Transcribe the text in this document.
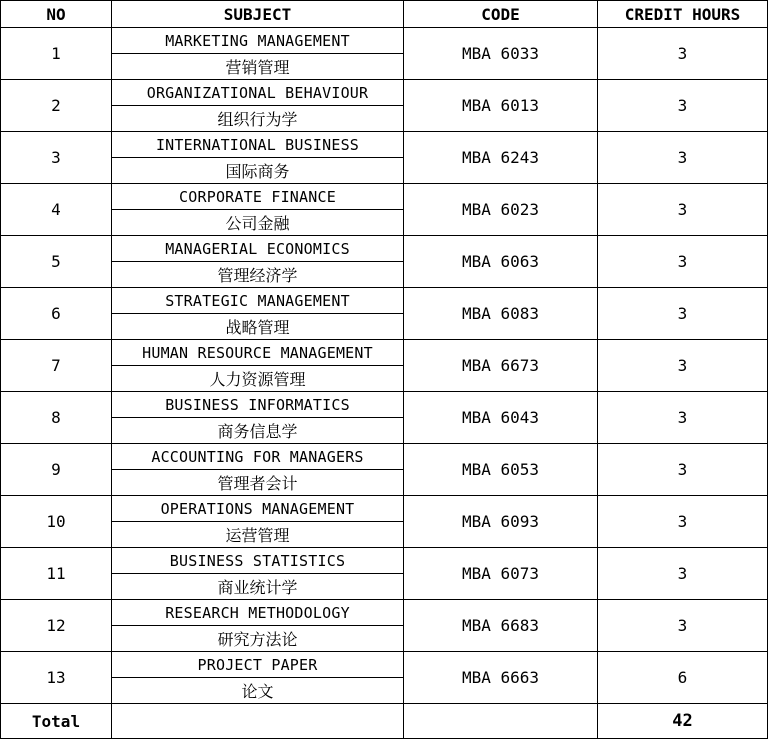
NO	SUBJECT	CODE	CREDIT HOURS
1	MARKETING MANAGEMENT	MBA 6033	3
	营销管理		
2	ORGANIZATIONAL BEHAVIOUR	MBA 6013	3
	组织行为学		
3	INTERNATIONAL BUSINESS	MBA 6243	3
	国际商务		
4	CORPORATE FINANCE	MBA 6023	3
	公司金融		
5	MANAGERIAL ECONOMICS	MBA 6063	3
	管理经济学		
6	STRATEGIC MANAGEMENT	MBA 6083	3
	战略管理		
7	HUMAN RESOURCE MANAGEMENT	MBA 6673	3
	人力资源管理		
8	BUSINESS INFORMATICS	MBA 6043	3
	商务信息学		
9	ACCOUNTING FOR MANAGERS	MBA 6053	3
	管理者会计		
10	OPERATIONS MANAGEMENT	MBA 6093	3
	运营管理		
11	BUSINESS STATISTICS	MBA 6073	3
	商业统计学		
12	RESEARCH METHODOLOGY	MBA 6683	3
	研究方法论		
13	PROJECT PAPER	MBA 6663	6
	论文		
Total			42
